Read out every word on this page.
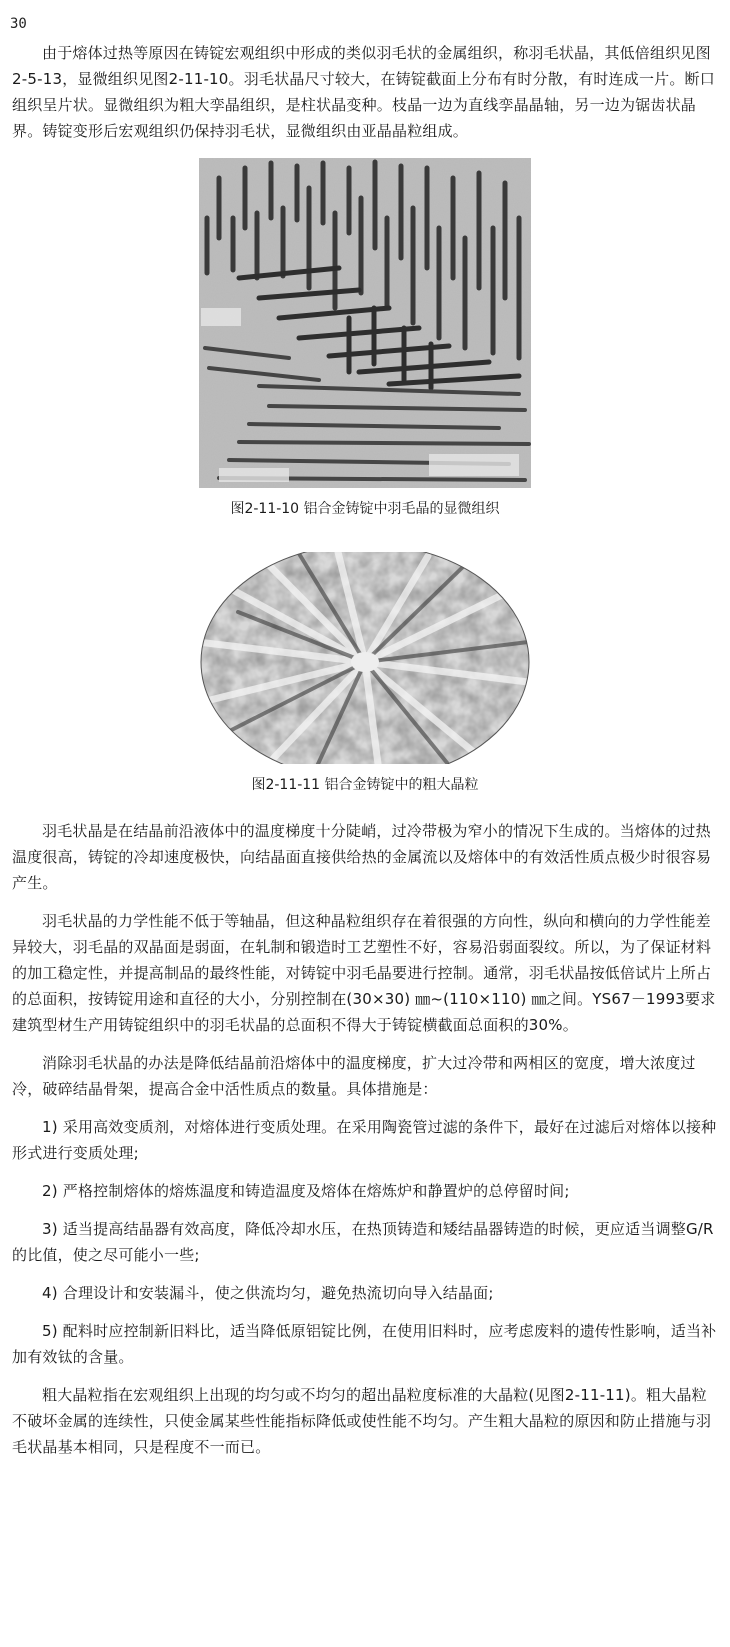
30

由于熔体过热等原因在铸锭宏观组织中形成的类似羽毛状的金属组织，称羽毛状晶，其低倍组织见图2-5-13，显微组织见图2-11-10。羽毛状晶尺寸较大，在铸锭截面上分布有时分散，有时连成一片。断口组织呈片状。显微组织为粗大孪晶组织，是柱状晶变种。枝晶一边为直线孪晶晶轴，另一边为锯齿状晶界。铸锭变形后宏观组织仍保持羽毛状，显微组织由亚晶晶粒组成。

图2-11-10 铝合金铸锭中羽毛晶的显微组织
图2-11-11 铝合金铸锭中的粗大晶粒

羽毛状晶是在结晶前沿液体中的温度梯度十分陡峭，过冷带极为窄小的情况下生成的。当熔体的过热温度很高，铸锭的冷却速度极快，向结晶面直接供给热的金属流以及熔体中的有效活性质点极少时很容易产生。

羽毛状晶的力学性能不低于等轴晶，但这种晶粒组织存在着很强的方向性，纵向和横向的力学性能差异较大，羽毛晶的双晶面是弱面，在轧制和锻造时工艺塑性不好，容易沿弱面裂纹。所以，为了保证材料的加工稳定性，并提高制品的最终性能，对铸锭中羽毛晶要进行控制。通常，羽毛状晶按低倍试片上所占的总面积，按铸锭用途和直径的大小，分别控制在(30×30) ㎜~(110×110) ㎜之间。YS67－1993要求建筑型材生产用铸锭组织中的羽毛状晶的总面积不得大于铸锭横截面总面积的30%。

消除羽毛状晶的办法是降低结晶前沿熔体中的温度梯度，扩大过冷带和两相区的宽度，增大浓度过冷，破碎结晶骨架，提高合金中活性质点的数量。具体措施是：

1) 采用高效变质剂，对熔体进行变质处理。在采用陶瓷管过滤的条件下，最好在过滤后对熔体以接种形式进行变质处理;

2) 严格控制熔体的熔炼温度和铸造温度及熔体在熔炼炉和静置炉的总停留时间;

3) 适当提高结晶器有效高度，降低冷却水压，在热顶铸造和矮结晶器铸造的时候，更应适当调整G/R的比值，使之尽可能小一些;

4) 合理设计和安装漏斗，使之供流均匀，避免热流切向导入结晶面;

5) 配料时应控制新旧料比，适当降低原铝锭比例，在使用旧料时，应考虑废料的遗传性影响，适当补加有效钛的含量。

粗大晶粒指在宏观组织上出现的均匀或不均匀的超出晶粒度标准的大晶粒(见图2-11-11)。粗大晶粒不破坏金属的连续性，只使金属某些性能指标降低或使性能不均匀。产生粗大晶粒的原因和防止措施与羽毛状晶基本相同，只是程度不一而已。
